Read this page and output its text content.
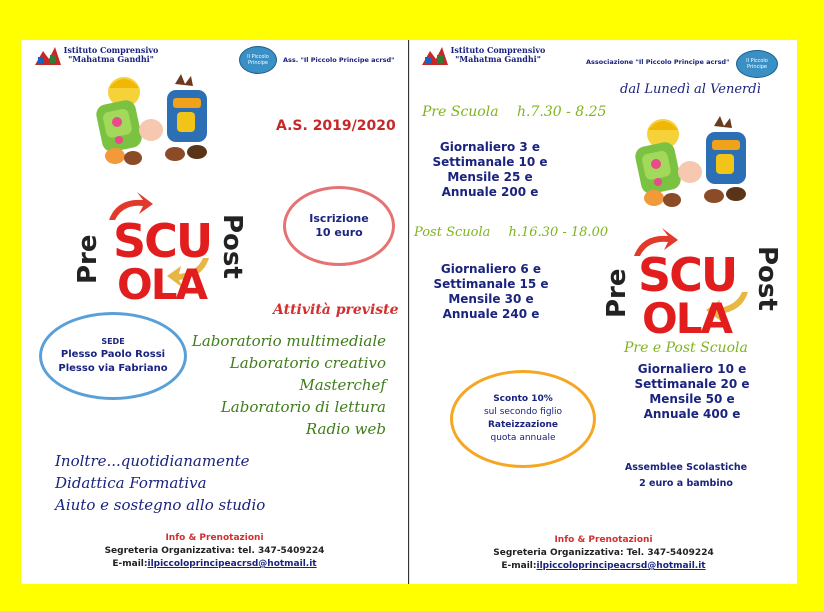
Istituto Comprensivo
"Mahatma Gandhi"	Il Piccolo Principe	Ass. "Il Piccolo Principe acrsd"
Pre SCU
OLA
Post
A.S. 2019/2020
Iscrizione
10 euro
Attività previste
Laboratorio multimediale
Laboratorio creativo
Masterchef
Laboratorio di lettura
Radio web
SEDE
Plesso Paolo Rossi
Plesso via Fabriano
Inoltre...quotidianamente
Didattica Formativa
Aiuto e sostegno allo studio
Info & Prenotazioni
Segreteria Organizzativa: tel. 347-5409224
E-mail:ilpiccoloprincipeacrsd@hotmail.it
Istituto Comprensivo
"Mahatma Gandhi"	Associazione "Il Piccolo Principe acrsd"	Il Piccolo Principe
dal Lunedì al Venerdì
Pre Scuola h.7.30 - 8.25
Giornaliero 3 e
Settimanale 10 e
Mensile 25 e
Annuale 200 e
Post Scuola h.16.30 - 18.00
Giornaliero 6 e
Settimanale 15 e
Mensile 30 e
Annuale 240 e	Pre SCU
OLA
Post
Pre e Post Scuola
Giornaliero 10 e
Settimanale 20 e
Mensile 50 e
Annuale 400 e
Sconto 10%
sul secondo figlio
Rateizzazione
quota annuale
Assemblee Scolastiche
2 euro a bambino
Info & Prenotazioni
Segreteria Organizzativa: Tel. 347-5409224
E-mail:ilpiccoloprincipeacrsd@hotmail.it
